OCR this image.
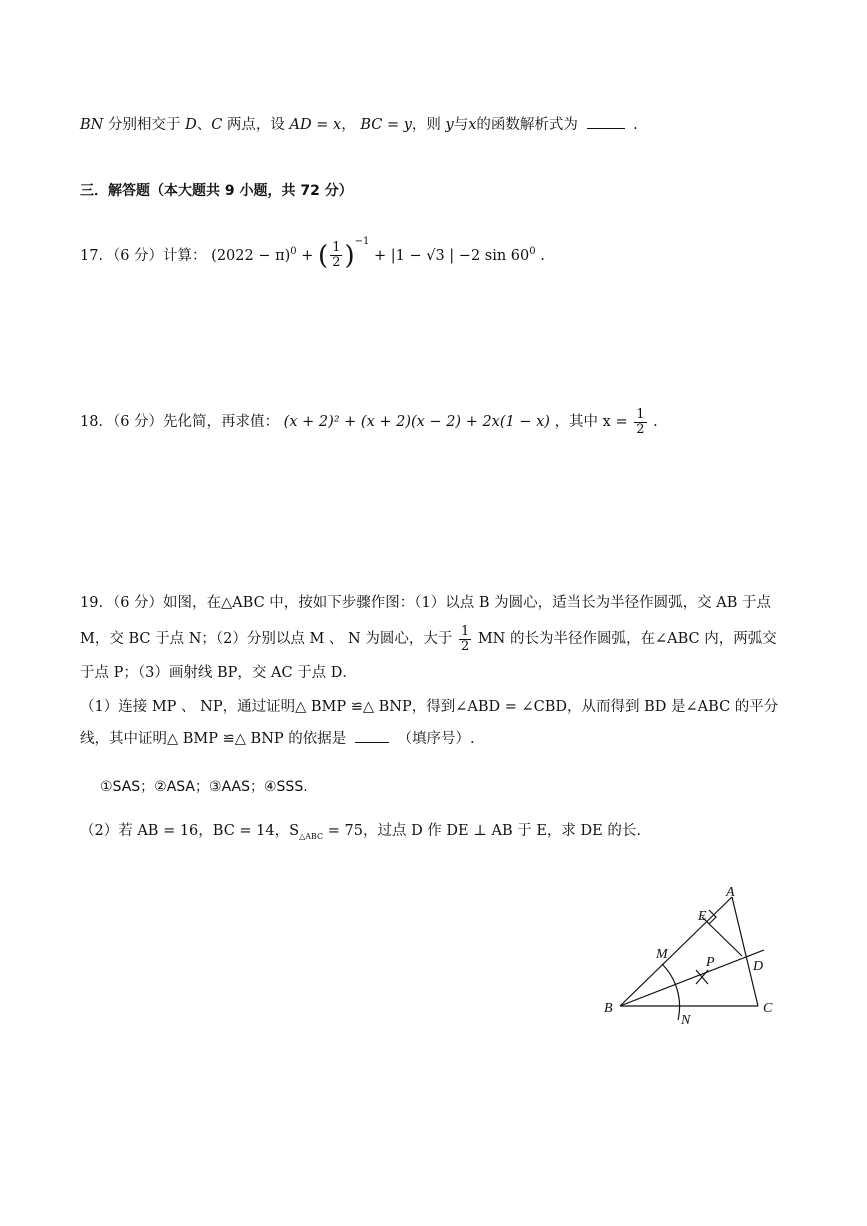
BN 分别相交于 D、C 两点，设 AD = x， BC = y，则 y与x的函数解析式为	.
三．解答题（本大题共 9 小题，共 72 分）
17．（6 分）计算： $(2022 - \pi)^0$ + ( $\frac{1}{2} )^{-1} + |1 - √3$ | −2 $\sin 60^0$ .
18．（6 分）先化简，再求值： (x + 2)² + (x + 2)(x − 2) + 2x(1 − x) ，其中 $x = \frac{1}{2}$ .
19．（6 分）如图，在△ABC 中，按如下步骤作图：（1）以点 B 为圆心，适当长为半径作圆弧，交 AB 于点
M，交 BC 于点 N；（2）分别以点 M 、 N 为圆心，大于 $\frac{1}{2}$ MN 的长为半径作圆弧，在∠ABC 内，两弧交
于点 P；（3）画射线 BP，交 AC 于点 D．
（1）连接 MP 、 NP，通过证明△ BMP ≌△ BNP，得到∠ABD = ∠CBD，从而得到 BD 是∠ABC 的平分
线，其中证明△ BMP ≌△ BNP 的依据是	（填序号）.
①SAS；②ASA；③AAS；④SSS.
（2）若 AB = 16，BC = 14，$S_{\triangle ABC} = 75$，过点 D 作 DE ⊥ AB 于 E，求 DE 的长.
A
E
M
P	D
B
N
C
